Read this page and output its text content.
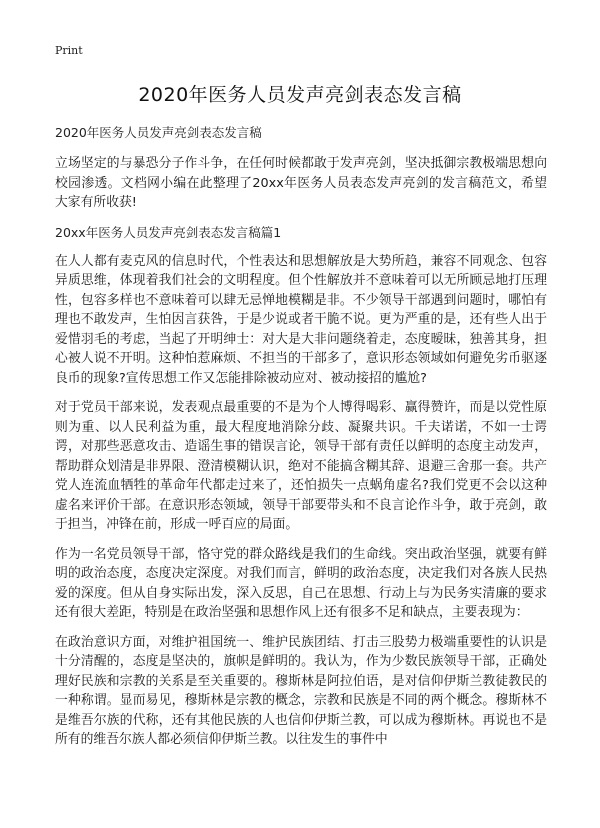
Print
2020年医务人员发声亮剑表态发言稿
2020年医务人员发声亮剑表态发言稿

立场坚定的与暴恐分子作斗争，在任何时候都敢于发声亮剑，坚决抵御宗教极端思想向校园渗透。文档网小编在此整理了20xx年医务人员表态发声亮剑的发言稿范文，希望大家有所收获!

20xx年医务人员发声亮剑表态发言稿篇1

在人人都有麦克风的信息时代，个性表达和思想解放是大势所趋，兼容不同观念、包容异质思维，体现着我们社会的文明程度。但个性解放并不意味着可以无所顾忌地打压理性，包容多样也不意味着可以肆无忌惮地模糊是非。不少领导干部遇到问题时，哪怕有理也不敢发声，生怕因言获咎，于是少说或者干脆不说。更为严重的是，还有些人出于爱惜羽毛的考虑，当起了开明绅士：对大是大非问题绕着走，态度暧昧，独善其身，担心被人说不开明。这种怕惹麻烦、不担当的干部多了，意识形态领域如何避免劣币驱逐良币的现象?宣传思想工作又怎能排除被动应对、被动接招的尴尬?

对于党员干部来说，发表观点最重要的不是为个人博得喝彩、赢得赞许，而是以党性原则为重、以人民利益为重，最大程度地消除分歧、凝聚共识。千夫诺诺，不如一士谔谔，对那些恶意攻击、造谣生事的错误言论，领导干部有责任以鲜明的态度主动发声，帮助群众划清是非界限、澄清模糊认识，绝对不能搞含糊其辞、退避三舍那一套。共产党人连流血牺牲的革命年代都走过来了，还怕损失一点蜗角虚名?我们党更不会以这种虚名来评价干部。在意识形态领域，领导干部要带头和不良言论作斗争，敢于亮剑，敢于担当，冲锋在前，形成一呼百应的局面。

作为一名党员领导干部，恪守党的群众路线是我们的生命线。突出政治坚强，就要有鲜明的政治态度，态度决定深度。对我们而言，鲜明的政治态度，决定我们对各族人民热爱的深度。但从自身实际出发，深入反思，自己在思想、行动上与为民务实清廉的要求还有很大差距，特别是在政治坚强和思想作风上还有很多不足和缺点，主要表现为：

在政治意识方面，对维护祖国统一、维护民族团结、打击三股势力极端重要性的认识是十分清醒的，态度是坚决的，旗帜是鲜明的。我认为，作为少数民族领导干部，正确处理好民族和宗教的关系是至关重要的。穆斯林是阿拉伯语，是对信仰伊斯兰教徒教民的一种称谓。显而易见，穆斯林是宗教的概念，宗教和民族是不同的两个概念。穆斯林不是维吾尔族的代称，还有其他民族的人也信仰伊斯兰教，可以成为穆斯林。再说也不是所有的维吾尔族人都必须信仰伊斯兰教。以往发生的事件中
